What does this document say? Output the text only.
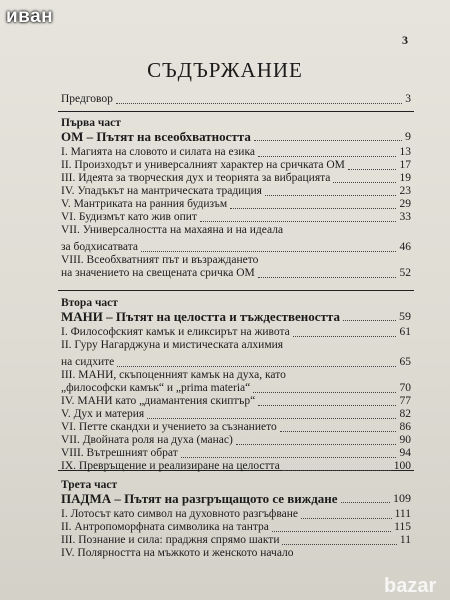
иван
3
СЪДЪРЖАНИЕ
Предговор	3
Първа част
ОМ – Пътят на всеобхватността	9
I. Магията на словото и силата на езика	13
II. Произходът и универсалният характер на сричката ОМ	17
III. Идеята за творческия дух и теорията за вибрацията	19
IV. Упадъкът на мантрическата традиция	23
V. Мантриката на ранния будизъм	29
VI. Будизмът като жив опит	33
VII. Универсалността на махаяна и на идеала
за бодхисатвата	46
VIII. Всеобхватният път и възраждането
на значението на свещената сричка ОМ	52
Втора част
МАНИ – Пътят на целостта и тъждествеността	59
I. Философският камък и еликсирът на живота	61
II. Гуру Нагарджуна и мистическата алхимия
на сидхите	65
III. МАНИ, скъпоценният камък на духа, като
„философски камък“ и „prima materia“	70
IV. МАНИ като „диамантения скиптър“	77
V. Дух и материя	82
VI. Петте скандхи и учението за съзнанието	86
VII. Двойната роля на духа (манас)	90
VIII. Вътрешният обрат	94
IX. Превръщение и реализиране на целостта	100
Трета част
ПАДМА – Пътят на разгръщащото се виждане	109
I. Лотосът като символ на духовното разгъфване	111
II. Антропоморфната символика на тантра	115
III. Познание и сила: праджня спрямо шакти	11
IV. Полярността на мъжкото и женското начало
bazar
